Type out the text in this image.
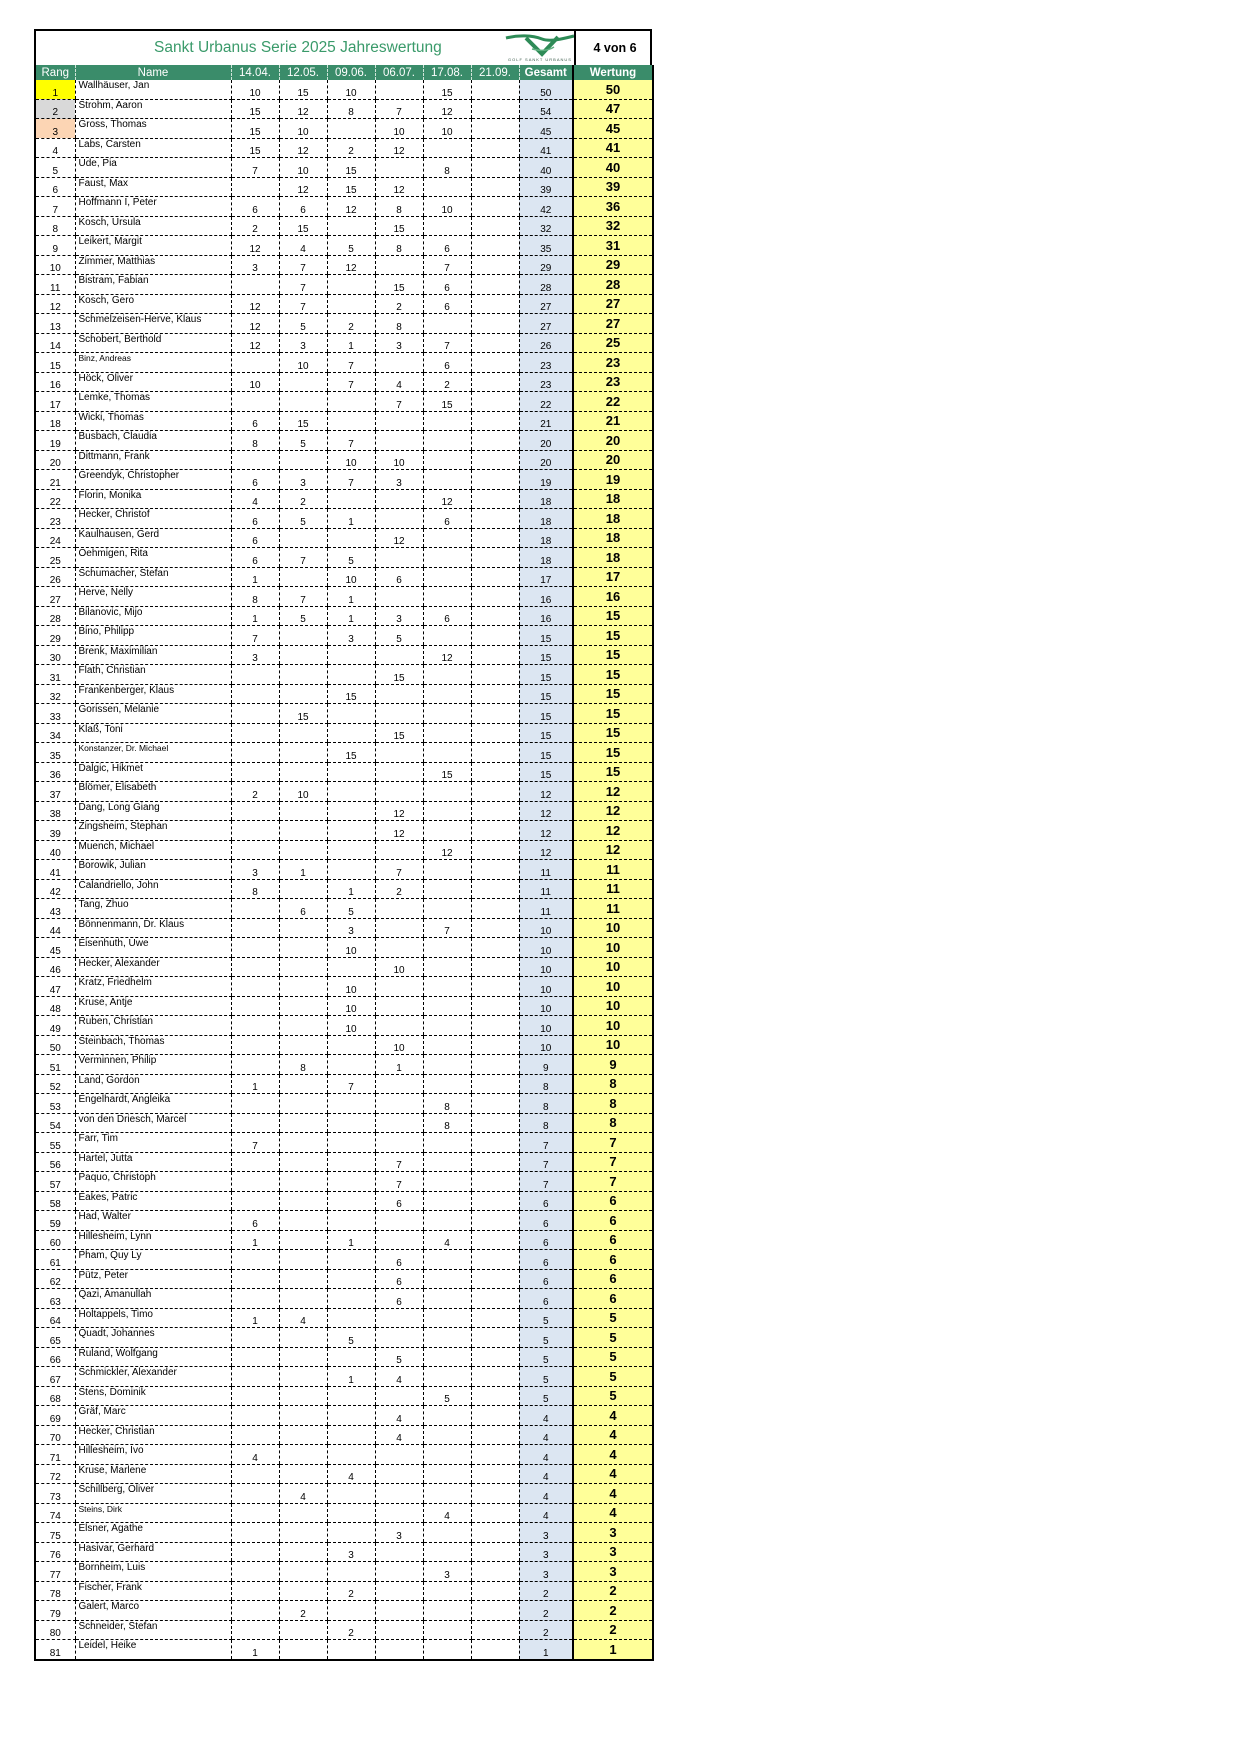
Sankt Urbanus Serie 2025 Jahreswertung
GOLF SANKT URBANUS
4 von 6
Rang	Name	14.04.	12.05.	09.06.	06.07.	17.08.	21.09.	Gesamt	Wertung
1	Wallhäuser, Jan	10	15	10		15		50	50
2	Strohm, Aaron	15	12	8	7	12		54	47
3	Gross, Thomas	15	10		10	10		45	45
4	Labs, Carsten	15	12	2	12			41	41
5	Ude, Pia	7	10	15		8		40	40
6	Faust, Max		12	15	12			39	39
7	Hoffmann I, Peter	6	6	12	8	10		42	36
8	Kosch, Ursula	2	15		15			32	32
9	Leikert, Margit	12	4	5	8	6		35	31
10	Zimmer, Matthias	3	7	12		7		29	29
11	Bistram, Fabian		7		15	6		28	28
12	Kosch, Gero	12	7		2	6		27	27
13	Schmelzeisen-Herve, Klaus	12	5	2	8			27	27
14	Schobert, Berthold	12	3	1	3	7		26	25
15	Binz, Andreas		10	7		6		23	23
16	Höck, Oliver	10		7	4	2		23	23
17	Lemke, Thomas				7	15		22	22
18	Wicki, Thomas	6	15					21	21
19	Busbach, Claudia	8	5	7				20	20
20	Dittmann, Frank			10	10			20	20
21	Greendyk, Christopher	6	3	7	3			19	19
22	Florin, Monika	4	2			12		18	18
23	Hecker, Christof	6	5	1		6		18	18
24	Kaulhausen, Gerd	6			12			18	18
25	Oehmigen, Rita	6	7	5				18	18
26	Schumacher, Stefan	1		10	6			17	17
27	Herve, Nelly	8	7	1				16	16
28	Bilanovic, Mijo	1	5	1	3	6		16	15
29	Bino, Philipp	7		3	5			15	15
30	Brenk, Maximilian	3				12		15	15
31	Flath, Christian				15			15	15
32	Frankenberger, Klaus			15				15	15
33	Gorissen, Melanie		15					15	15
34	Klaß, Toni				15			15	15
35	Konstanzer, Dr. Michael			15				15	15
36	Dalgic, Hikmet					15		15	15
37	Blömer, Elisabeth	2	10					12	12
38	Dang, Long Giang				12			12	12
39	Zingsheim, Stephan				12			12	12
40	Muench, Michael					12		12	12
41	Borowik, Julian	3	1		7			11	11
42	Calandriello, John	8		1	2			11	11
43	Tang, Zhuo		6	5				11	11
44	Bönnenmann, Dr. Klaus			3		7		10	10
45	Eisenhuth, Uwe			10				10	10
46	Hecker, Alexander				10			10	10
47	Kratz, Friedhelm			10				10	10
48	Kruse, Antje			10				10	10
49	Ruben, Christian			10				10	10
50	Steinbach, Thomas				10			10	10
51	Verminnen, Philip		8		1			9	9
52	Land, Gordon	1		7				8	8
53	Engelhardt, Angleika					8		8	8
54	von den Driesch, Marcel					8		8	8
55	Farr, Tim	7						7	7
56	Hartel, Jutta				7			7	7
57	Paquo, Christoph				7			7	7
58	Eakes, Patric				6			6	6
59	Had, Walter	6						6	6
60	Hillesheim, Lynn	1		1		4		6	6
61	Pham, Quy Ly				6			6	6
62	Pütz, Peter				6			6	6
63	Qazi, Amanullah				6			6	6
64	Holtappels, Timo	1	4					5	5
65	Quadt, Johannes			5				5	5
66	Ruland, Wolfgang				5			5	5
67	Schmickler, Alexander			1	4			5	5
68	Stens, Dominik					5		5	5
69	Gräf, Marc				4			4	4
70	Hecker, Christian				4			4	4
71	Hillesheim, Ivo	4						4	4
72	Kruse, Marlene			4				4	4
73	Schillberg, Oliver		4					4	4
74	Steins, Dirk					4		4	4
75	Elsner, Agathe				3			3	3
76	Hasivar, Gerhard			3				3	3
77	Bornheim, Luis					3		3	3
78	Fischer, Frank			2				2	2
79	Galert, Marco		2					2	2
80	Schneider, Stefan			2				2	2
81	Leidel, Heike	1						1	1
